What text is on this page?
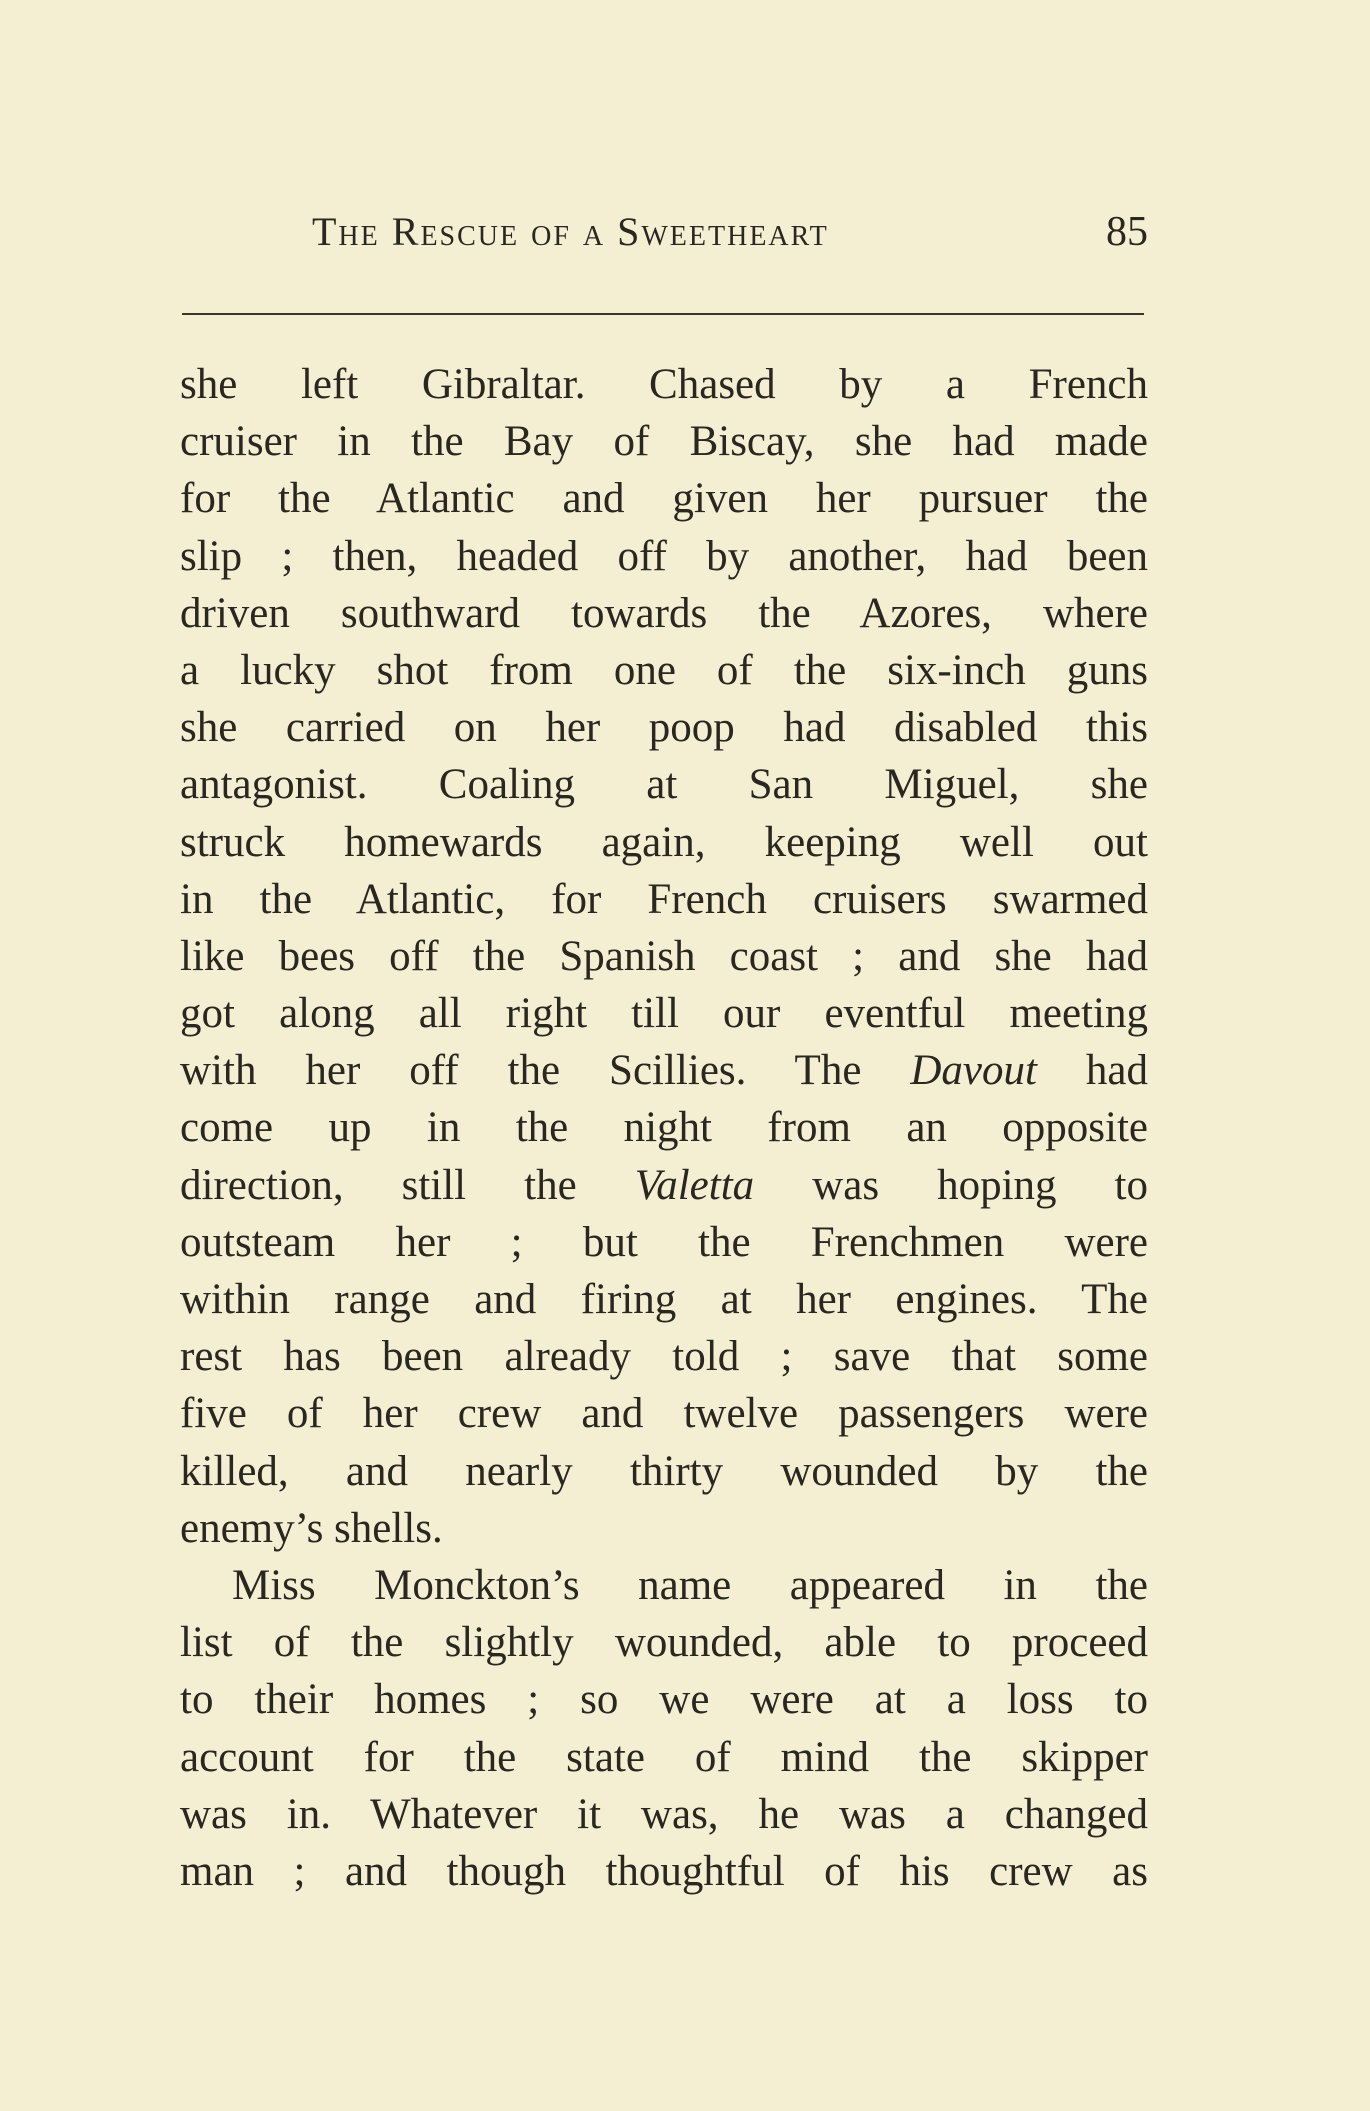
The Rescue of a Sweetheart	85
she left Gibraltar. Chased by a French
cruiser in the Bay of Biscay, she had made
for the Atlantic and given her pursuer the
slip ; then, headed off by another, had been
driven southward towards the Azores, where
a lucky shot from one of the six-inch guns
she carried on her poop had disabled this
antagonist. Coaling at San Miguel, she
struck homewards again, keeping well out
in the Atlantic, for French cruisers swarmed
like bees off the Spanish coast ; and she had
got along all right till our eventful meeting
with her off the Scillies. The Davout had
come up in the night from an opposite
direction, still the Valetta was hoping to
outsteam her ; but the Frenchmen were
within range and firing at her engines. The
rest has been already told ; save that some
five of her crew and twelve passengers were
killed, and nearly thirty wounded by the
enemy’s shells.
Miss Monckton’s name appeared in the
list of the slightly wounded, able to proceed
to their homes ; so we were at a loss to
account for the state of mind the skipper
was in. Whatever it was, he was a changed
man ; and though thoughtful of his crew as
